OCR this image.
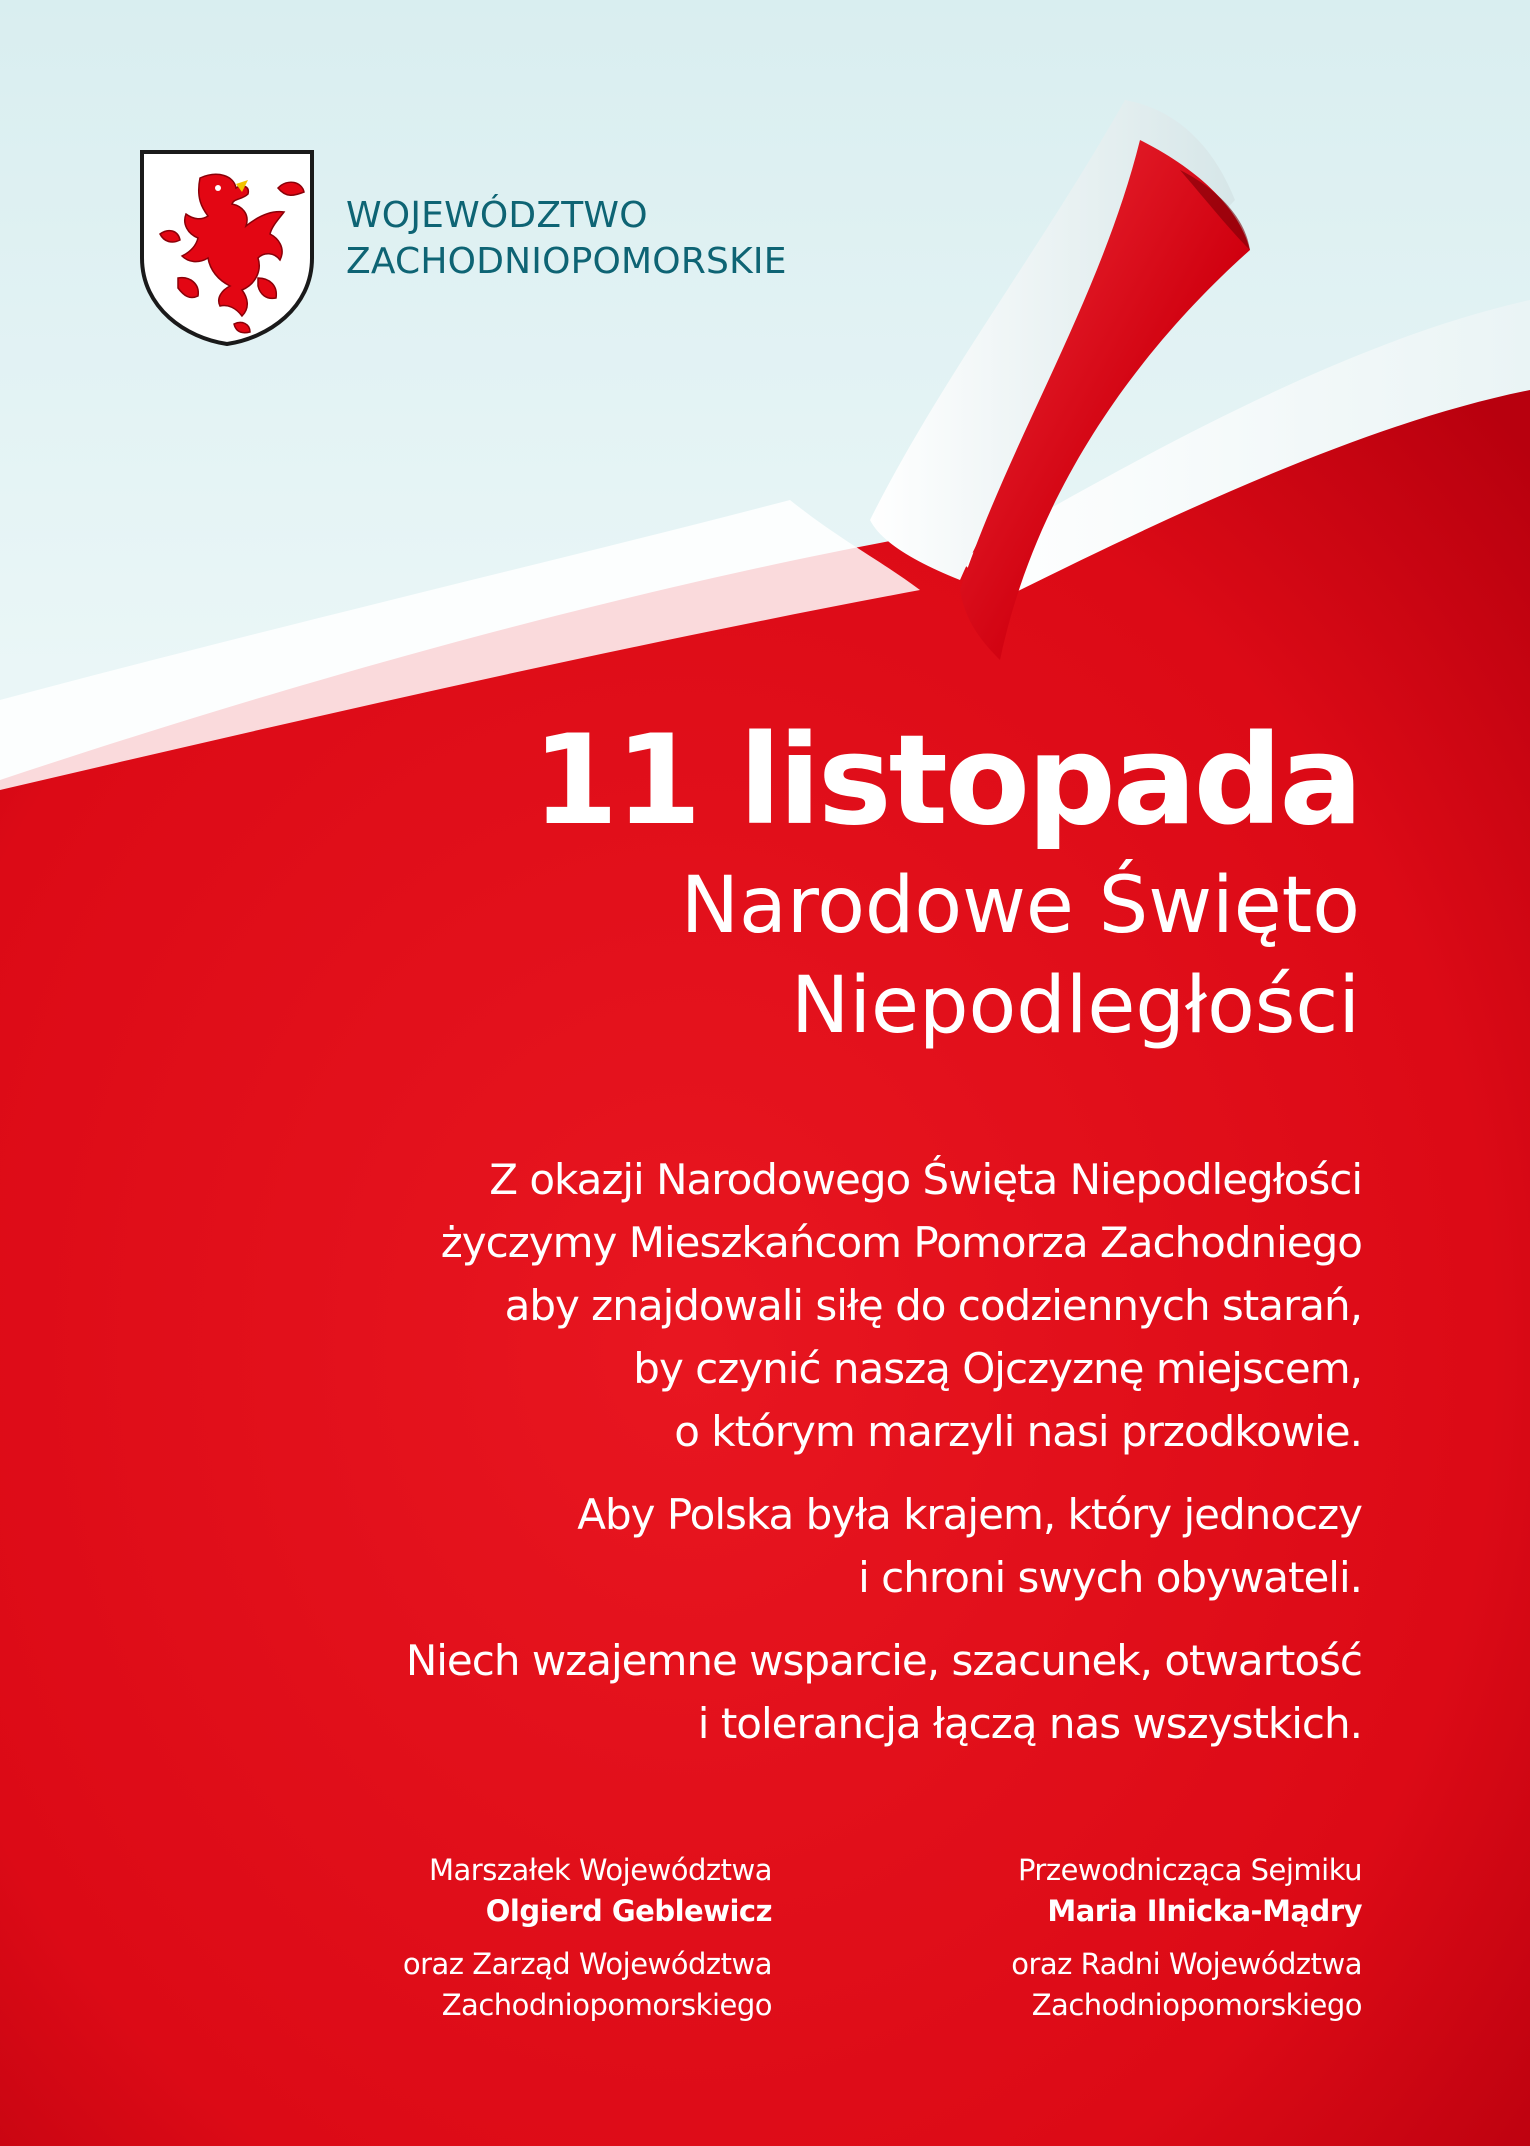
WOJEWÓDZTWO
ZACHODNIOPOMORSKIE
11 listopada
Narodowe Święto
Niepodległości
Z okazji Narodowego Święta Niepodległości
życzymy Mieszkańcom Pomorza Zachodniego
aby znajdowali siłę do codziennych starań,
by czynić naszą Ojczyznę miejscem,
o którym marzyli nasi przodkowie.
Aby Polska była krajem, który jednoczy
i chroni swych obywateli.
Niech wzajemne wsparcie, szacunek, otwartość
i tolerancja łączą nas wszystkich.
Marszałek Województwa
Olgierd Geblewicz
oraz Zarząd Województwa
Zachodniopomorskiego
Przewodnicząca Sejmiku
Maria Ilnicka-Mądry
oraz Radni Województwa
Zachodniopomorskiego
